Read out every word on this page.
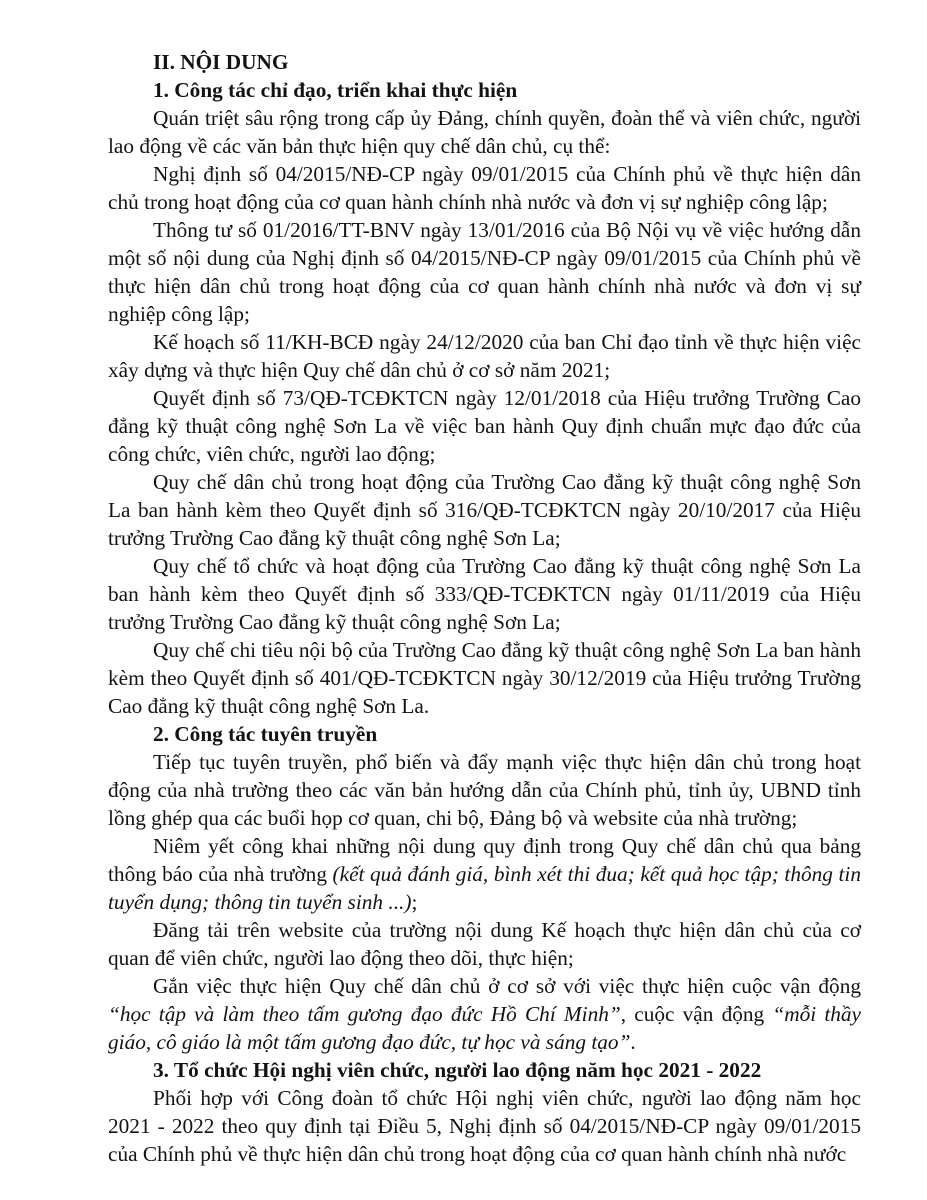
II. NỘI DUNG

1. Công tác chỉ đạo, triển khai thực hiện

Quán triệt sâu rộng trong cấp ủy Đảng, chính quyền, đoàn thể và viên chức, người lao động về các văn bản thực hiện quy chế dân chủ, cụ thể:

Nghị định số 04/2015/NĐ-CP ngày 09/01/2015 của Chính phủ về thực hiện dân chủ trong hoạt động của cơ quan hành chính nhà nước và đơn vị sự nghiệp công lập;

Thông tư số 01/2016/TT-BNV ngày 13/01/2016 của Bộ Nội vụ về việc hướng dẫn một số nội dung của Nghị định số 04/2015/NĐ-CP ngày 09/01/2015 của Chính phủ về thực hiện dân chủ trong hoạt động của cơ quan hành chính nhà nước và đơn vị sự nghiệp công lập;

Kế hoạch số 11/KH-BCĐ ngày 24/12/2020 của ban Chỉ đạo tỉnh về thực hiện việc xây dựng và thực hiện Quy chế dân chủ ở cơ sở năm 2021;

Quyết định số 73/QĐ-TCĐKTCN ngày 12/01/2018 của Hiệu trưởng Trường Cao đẳng kỹ thuật công nghệ Sơn La về việc ban hành Quy định chuẩn mực đạo đức của công chức, viên chức, người lao động;

Quy chế dân chủ trong hoạt động của Trường Cao đẳng kỹ thuật công nghệ Sơn La ban hành kèm theo Quyết định số 316/QĐ-TCĐKTCN ngày 20/10/2017 của Hiệu trưởng Trường Cao đẳng kỹ thuật công nghệ Sơn La;

Quy chế tổ chức và hoạt động của Trường Cao đẳng kỹ thuật công nghệ Sơn La ban hành kèm theo Quyết định số 333/QĐ-TCĐKTCN ngày 01/11/2019 của Hiệu trưởng Trường Cao đẳng kỹ thuật công nghệ Sơn La;

Quy chế chi tiêu nội bộ của Trường Cao đẳng kỹ thuật công nghệ Sơn La ban hành kèm theo Quyết định số 401/QĐ-TCĐKTCN ngày 30/12/2019 của Hiệu trưởng Trường Cao đẳng kỹ thuật công nghệ Sơn La.

2. Công tác tuyên truyền

Tiếp tục tuyên truyền, phổ biến và đẩy mạnh việc thực hiện dân chủ trong hoạt động của nhà trường theo các văn bản hướng dẫn của Chính phủ, tỉnh ủy, UBND tỉnh lồng ghép qua các buổi họp cơ quan, chi bộ, Đảng bộ và website của nhà trường;

Niêm yết công khai những nội dung quy định trong Quy chế dân chủ qua bảng thông báo của nhà trường (kết quả đánh giá, bình xét thi đua; kết quả học tập; thông tin tuyển dụng; thông tin tuyển sinh ...);

Đăng tải trên website của trường nội dung Kế hoạch thực hiện dân chủ của cơ quan để viên chức, người lao động theo dõi, thực hiện;

Gắn việc thực hiện Quy chế dân chủ ở cơ sở với việc thực hiện cuộc vận động “học tập và làm theo tấm gương đạo đức Hồ Chí Minh”, cuộc vận động “mỗi thầy giáo, cô giáo là một tấm gương đạo đức, tự học và sáng tạo”.

3. Tổ chức Hội nghị viên chức, người lao động năm học 2021 - 2022

Phối hợp với Công đoàn tổ chức Hội nghị viên chức, người lao động năm học 2021 - 2022 theo quy định tại Điều 5, Nghị định số 04/2015/NĐ-CP ngày 09/01/2015 của Chính phủ về thực hiện dân chủ trong hoạt động của cơ quan hành chính nhà nước
